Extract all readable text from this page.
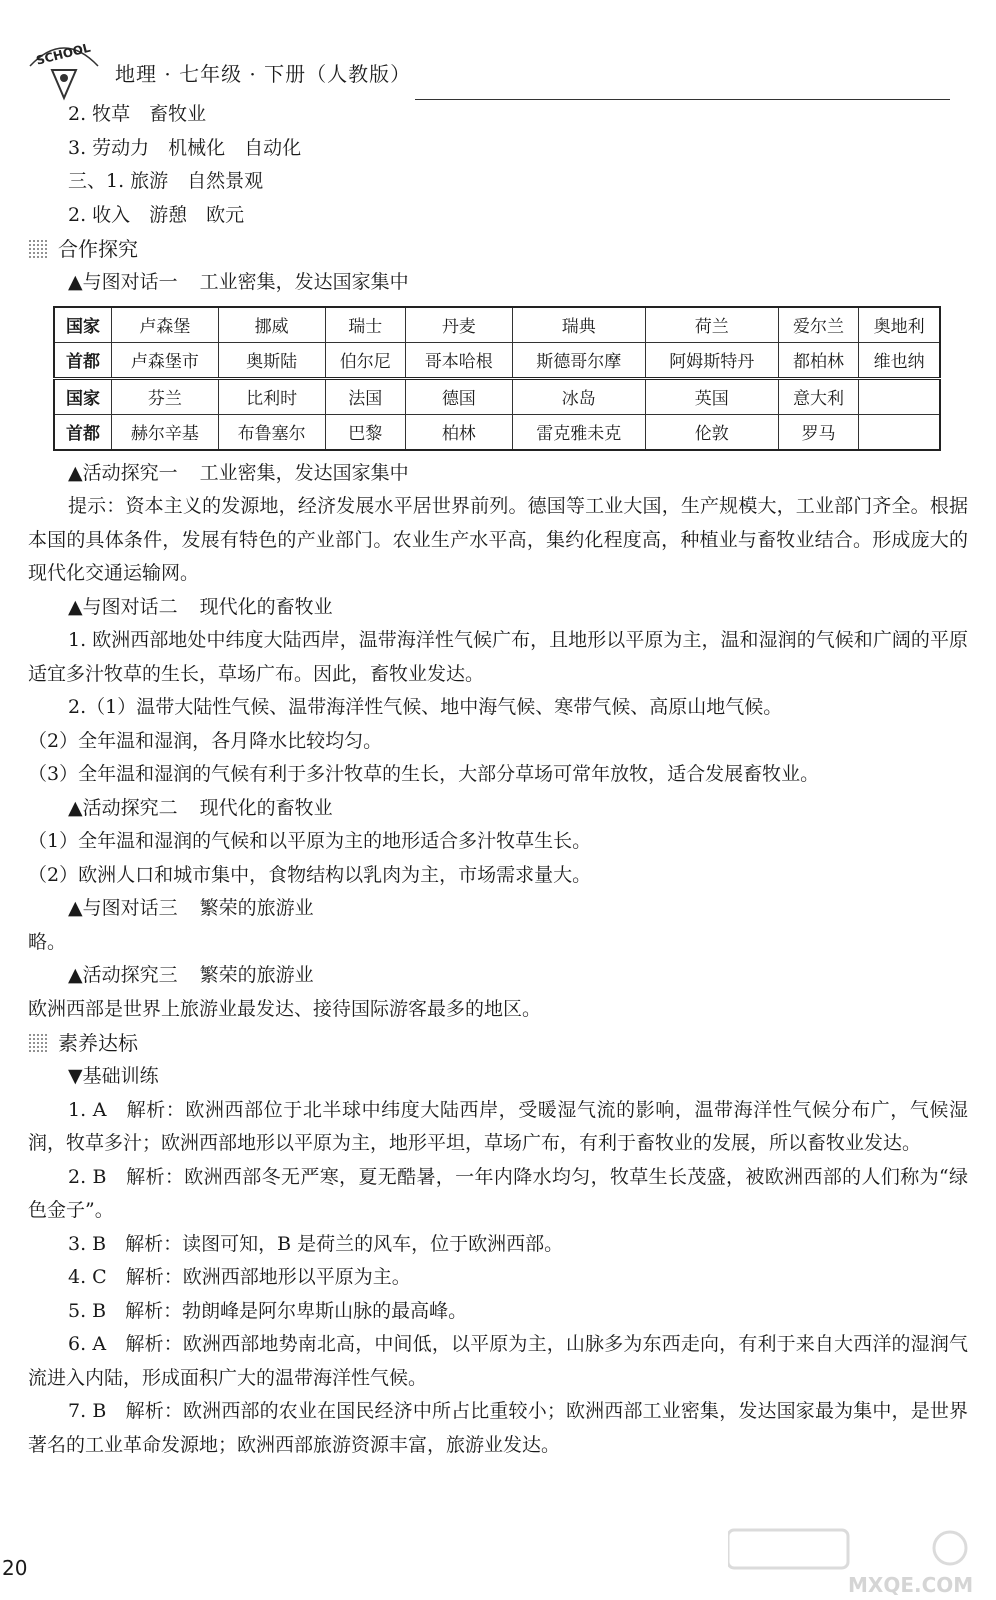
SCHOOL
地理 · 七年级 · 下册（人教版）
2. 牧草　畜牧业
3. 劳动力　机械化　自动化
三、1. 旅游　自然景观
2. 收入　游憩　欧元
合作探究
▲与图对话一 工业密集，发达国家集中
国家	卢森堡	挪威	瑞士	丹麦	瑞典	荷兰	爱尔兰	奥地利
首都	卢森堡市	奥斯陆	伯尔尼	哥本哈根	斯德哥尔摩	阿姆斯特丹	都柏林	维也纳
国家	芬兰	比利时	法国	德国	冰岛	英国	意大利	
首都	赫尔辛基	布鲁塞尔	巴黎	柏林	雷克雅未克	伦敦	罗马	
▲活动探究一 工业密集，发达国家集中
提示：资本主义的发源地，经济发展水平居世界前列。德国等工业大国，生产规模大，工业部门齐全。根据本国的具体条件，发展有特色的产业部门。农业生产水平高，集约化程度高，种植业与畜牧业结合。形成庞大的现代化交通运输网。
▲与图对话二 现代化的畜牧业
1. 欧洲西部地处中纬度大陆西岸，温带海洋性气候广布，且地形以平原为主，温和湿润的气候和广阔的平原适宜多汁牧草的生长，草场广布。因此，畜牧业发达。
2.（1）温带大陆性气候、温带海洋性气候、地中海气候、寒带气候、高原山地气候。
（2）全年温和湿润，各月降水比较均匀。
（3）全年温和湿润的气候有利于多汁牧草的生长，大部分草场可常年放牧，适合发展畜牧业。
▲活动探究二 现代化的畜牧业
（1）全年温和湿润的气候和以平原为主的地形适合多汁牧草生长。
（2）欧洲人口和城市集中，食物结构以乳肉为主，市场需求量大。
▲与图对话三 繁荣的旅游业
略。
▲活动探究三 繁荣的旅游业
欧洲西部是世界上旅游业最发达、接待国际游客最多的地区。
素养达标
▼基础训练
1. A　解析：欧洲西部位于北半球中纬度大陆西岸，受暖湿气流的影响，温带海洋性气候分布广，气候湿润，牧草多汁；欧洲西部地形以平原为主，地形平坦，草场广布，有利于畜牧业的发展，所以畜牧业发达。
2. B　解析：欧洲西部冬无严寒，夏无酷暑，一年内降水均匀，牧草生长茂盛，被欧洲西部的人们称为“绿色金子”。
3. B　解析：读图可知，B 是荷兰的风车，位于欧洲西部。
4. C　解析：欧洲西部地形以平原为主。
5. B　解析：勃朗峰是阿尔卑斯山脉的最高峰。
6. A　解析：欧洲西部地势南北高，中间低，以平原为主，山脉多为东西走向，有利于来自大西洋的湿润气流进入内陆，形成面积广大的温带海洋性气候。
7. B　解析：欧洲西部的农业在国民经济中所占比重较小；欧洲西部工业密集，发达国家最为集中，是世界著名的工业革命发源地；欧洲西部旅游资源丰富，旅游业发达。
20
MXQE.COM
